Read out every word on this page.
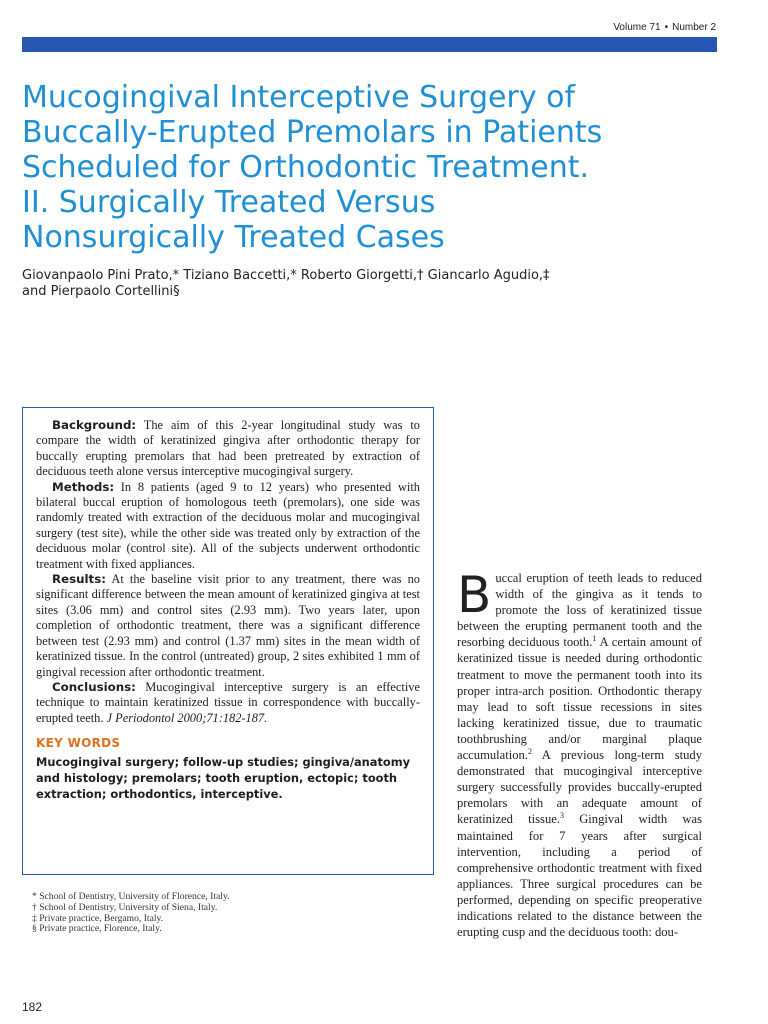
Volume 71 • Number 2
Mucogingival Interceptive Surgery of
Buccally-Erupted Premolars in Patients
Scheduled for Orthodontic Treatment.
II. Surgically Treated Versus
Nonsurgically Treated Cases
Giovanpaolo Pini Prato,* Tiziano Baccetti,* Roberto Giorgetti,† Giancarlo Agudio,‡
and Pierpaolo Cortellini§

Background: The aim of this 2-year longitudinal study was to compare the width of keratinized gingiva after orthodontic therapy for buccally erupting premolars that had been pretreated by extraction of deciduous teeth alone versus interceptive mucogingival surgery.

Methods: In 8 patients (aged 9 to 12 years) who presented with bilateral buccal eruption of homologous teeth (premolars), one side was randomly treated with extraction of the deciduous molar and mucogingival surgery (test site), while the other side was treated only by extraction of the deciduous molar (control site). All of the subjects underwent orthodontic treatment with fixed appliances.

Results: At the baseline visit prior to any treatment, there was no significant difference between the mean amount of keratinized gingiva at test sites (3.06 mm) and control sites (2.93 mm). Two years later, upon completion of orthodontic treatment, there was a significant difference between test (2.93 mm) and control (1.37 mm) sites in the mean width of keratinized tissue. In the control (untreated) group, 2 sites exhibited 1 mm of gingival recession after orthodontic treatment.

Conclusions: Mucogingival interceptive surgery is an effective technique to maintain keratinized tissue in correspondence with buccally-erupted teeth. J Periodontol 2000;71:182-187.

KEY WORDS

Mucogingival surgery; follow-up studies; gingiva/anatomy and histology; premolars; tooth eruption, ectopic; tooth extraction; orthodontics, interceptive.

* School of Dentistry, University of Florence, Italy.
† School of Dentistry, University of Siena, Italy.
‡ Private practice, Bergamo, Italy.
§ Private practice, Florence, Italy.

Buccal eruption of teeth leads to reduced width of the gingiva as it tends to promote the loss of keratinized tissue between the erupting permanent tooth and the resorbing deciduous tooth.$^1$ A certain amount of keratinized tissue is needed during orthodontic treatment to move the permanent tooth into its proper intra-arch position. Orthodontic therapy may lead to soft tissue recessions in sites lacking keratinized tissue, due to traumatic toothbrushing and/or marginal plaque accumulation.$^2$ A previous long-term study demonstrated that mucogingival interceptive surgery successfully provides buccally-erupted premolars with an adequate amount of keratinized tissue.$^3$ Gingival width was maintained for 7 years after surgical intervention, including a period of comprehensive orthodontic treatment with fixed appliances. Three surgical procedures can be performed, depending on specific preoperative indications related to the distance between the erupting cusp and the deciduous tooth: dou-

182
